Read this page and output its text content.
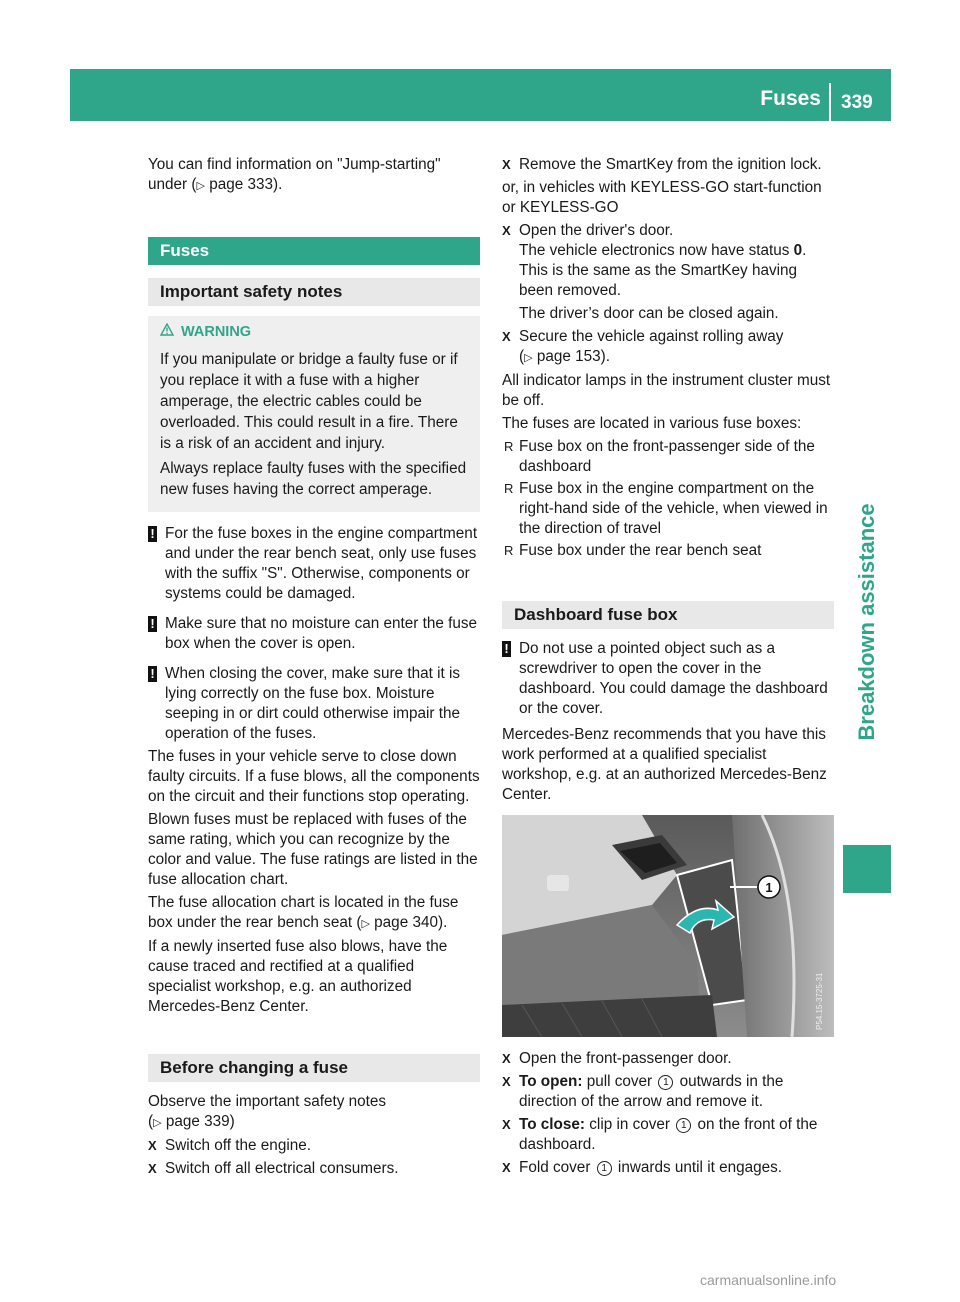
Fuses 339
Breakdown assistance

You can find information on "Jump-starting"
under (▷ page 333).

Fuses
Important safety notes
WARNING

If you manipulate or bridge a faulty fuse or if you replace it with a fuse with a higher amperage, the electric cables could be overloaded. This could result in a fire. There is a risk of an accident and injury.

Always replace faulty fuses with the specified new fuses having the correct amperage.

! For the fuse boxes in the engine compartment and under the rear bench seat, only use fuses with the suffix "S". Otherwise, components or systems could be damaged.
! Make sure that no moisture can enter the fuse box when the cover is open.
! When closing the cover, make sure that it is lying correctly on the fuse box. Moisture seeping in or dirt could otherwise impair the operation of the fuses.

The fuses in your vehicle serve to close down faulty circuits. If a fuse blows, all the components on the circuit and their functions stop operating.

Blown fuses must be replaced with fuses of the same rating, which you can recognize by the color and value. The fuse ratings are listed in the fuse allocation chart.

The fuse allocation chart is located in the fuse box under the rear bench seat (▷ page 340).

If a newly inserted fuse also blows, have the cause traced and rectified at a qualified specialist workshop, e.g. an authorized Mercedes-Benz Center.

Before changing a fuse

Observe the important safety notes
(▷ page 339)

X Switch off the engine.
X Switch off all electrical consumers.
X Remove the SmartKey from the ignition lock.

or, in vehicles with KEYLESS-GO start-function or KEYLESS-GO

X Open the driver's door.
The vehicle electronics now have status 0.
This is the same as the SmartKey having been removed.

The driver’s door can be closed again.

X Secure the vehicle against rolling away
(▷ page 153).

All indicator lamps in the instrument cluster must be off.

The fuses are located in various fuse boxes:

R Fuse box on the front-passenger side of the dashboard
R Fuse box in the engine compartment on the right-hand side of the vehicle, when viewed in the direction of travel
R Fuse box under the rear bench seat
Dashboard fuse box
! Do not use a pointed object such as a screwdriver to open the cover in the dashboard. You could damage the dashboard or the cover.

Mercedes-Benz recommends that you have this work performed at a qualified specialist workshop, e.g. at an authorized Mercedes-Benz Center.

1
P54.15-3725-31
X Open the front-passenger door.
X To open: pull cover 1 outwards in the direction of the arrow and remove it.
X To close: clip in cover 1 on the front of the dashboard.
X Fold cover 1 inwards until it engages.
carmanualsonline.info
